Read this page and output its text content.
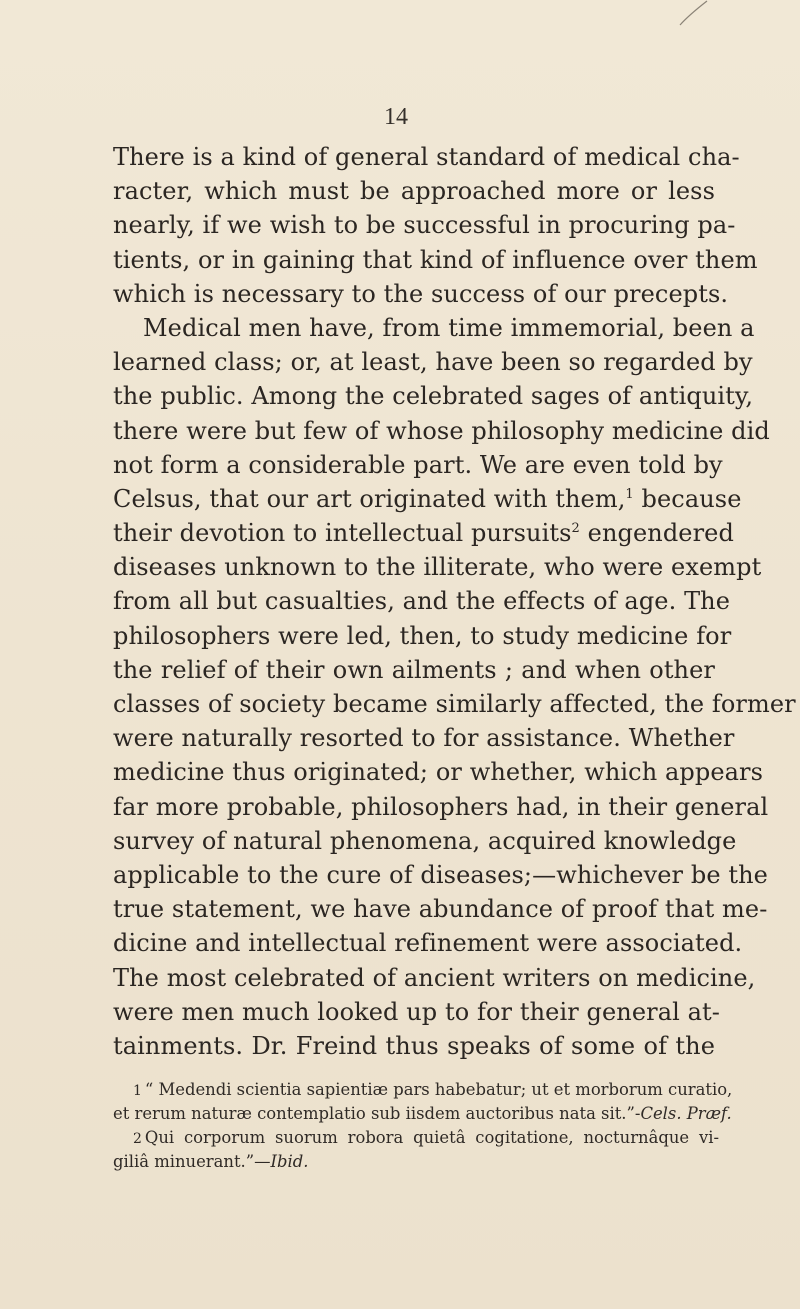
14
There is a kind of general standard of medical cha-
racter, which must be approached more or less
nearly, if we wish to be successful in procuring pa-
tients, or in gaining that kind of influence over them
which is necessary to the success of our precepts.
Medical men have, from time immemorial, been a
learned class; or, at least, have been so regarded by
the public. Among the celebrated sages of antiquity,
there were but few of whose philosophy medicine did
not form a considerable part. We are even told by
Celsus, that our art originated with them,$^1$ because
their devotion to intellectual pursuits$^2$ engendered
diseases unknown to the illiterate, who were exempt
from all but casualties, and the effects of age. The
philosophers were led, then, to study medicine for
the relief of their own ailments ; and when other
classes of society became similarly affected, the former
were naturally resorted to for assistance. Whether
medicine thus originated; or whether, which appears
far more probable, philosophers had, in their general
survey of natural phenomena, acquired knowledge
applicable to the cure of diseases;—whichever be the
true statement, we have abundance of proof that me-
dicine and intellectual refinement were associated.
The most celebrated of ancient writers on medicine,
were men much looked up to for their general at-
tainments. Dr. Freind thus speaks of some of the
1 “ Medendi scientia sapientiæ pars habebatur; ut et morborum curatio,
et rerum naturæ contemplatio sub iisdem auctoribus nata sit.”-Cels. Præf.
2 Qui corporum suorum robora quietâ cogitatione, nocturnâque vi-
giliâ minuerant.”—Ibid.
